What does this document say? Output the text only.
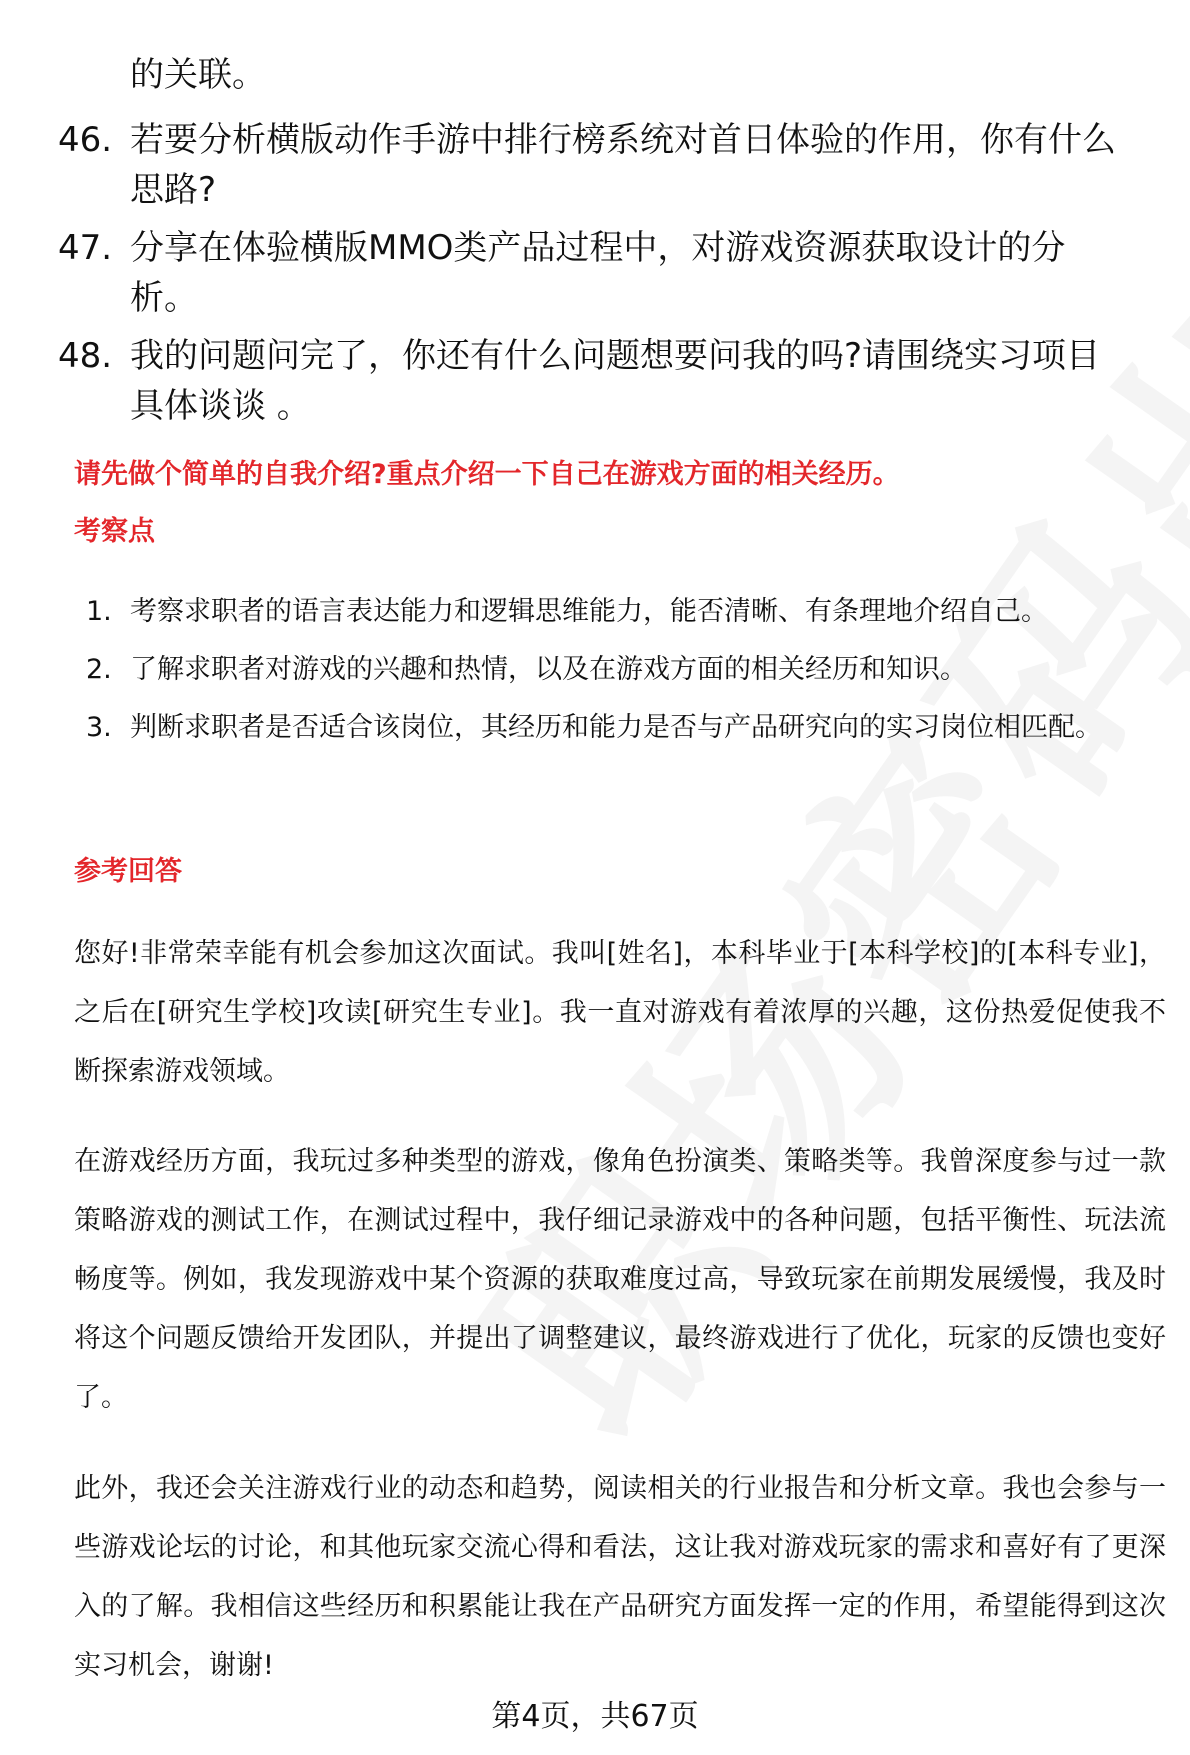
的关联。
46. 若要分析横版动作手游中排行榜系统对首日体验的作用，你有什么思路?
47. 分享在体验横版MMO类产品过程中，对游戏资源获取设计的分析。
48. 我的问题问完了，你还有什么问题想要问我的吗?请围绕实习项目具体谈谈 。
请先做个简单的自我介绍?重点介绍一下自己在游戏方面的相关经历。
考察点
1. 考察求职者的语言表达能力和逻辑思维能力，能否清晰、有条理地介绍自己。
2. 了解求职者对游戏的兴趣和热情，以及在游戏方面的相关经历和知识。
3. 判断求职者是否适合该岗位，其经历和能力是否与产品研究向的实习岗位相匹配。
参考回答
您好!非常荣幸能有机会参加这次面试。我叫[姓名]，本科毕业于[本科学校]的[本科专业]，之后在[研究生学校]攻读[研究生专业]。我一直对游戏有着浓厚的兴趣，这份热爱促使我不断探索游戏领域。
在游戏经历方面，我玩过多种类型的游戏，像角色扮演类、策略类等。我曾深度参与过一款策略游戏的测试工作，在测试过程中，我仔细记录游戏中的各种问题，包括平衡性、玩法流畅度等。例如，我发现游戏中某个资源的获取难度过高，导致玩家在前期发展缓慢，我及时将这个问题反馈给开发团队，并提出了调整建议，最终游戏进行了优化，玩家的反馈也变好了。
此外，我还会关注游戏行业的动态和趋势，阅读相关的行业报告和分析文章。我也会参与一些游戏论坛的讨论，和其他玩家交流心得和看法，这让我对游戏玩家的需求和喜好有了更深入的了解。我相信这些经历和积累能让我在产品研究方面发挥一定的作用，希望能得到这次实习机会，谢谢!
第4页，共67页
